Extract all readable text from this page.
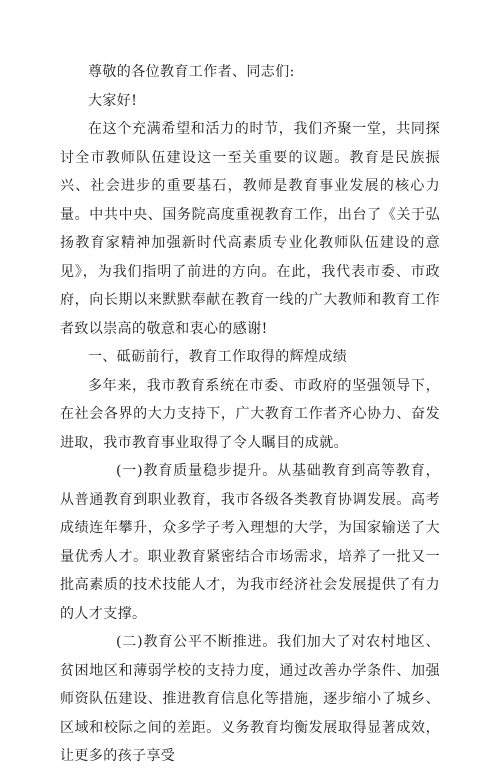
尊敬的各位教育工作者、同志们:

大家好!

在这个充满希望和活力的时节，我们齐聚一堂，共同探讨全市教师队伍建设这一至关重要的议题。教育是民族振兴、社会进步的重要基石，教师是教育事业发展的核心力量。中共中央、国务院高度重视教育工作，出台了《关于弘扬教育家精神加强新时代高素质专业化教师队伍建设的意见》，为我们指明了前进的方向。在此，我代表市委、市政府，向长期以来默默奉献在教育一线的广大教师和教育工作者致以崇高的敬意和衷心的感谢!

一、砥砺前行，教育工作取得的辉煌成绩

多年来，我市教育系统在市委、市政府的坚强领导下，在社会各界的大力支持下，广大教育工作者齐心协力、奋发进取，我市教育事业取得了令人瞩目的成就。

(一)教育质量稳步提升。从基础教育到高等教育，从普通教育到职业教育，我市各级各类教育协调发展。高考成绩连年攀升，众多学子考入理想的大学，为国家输送了大量优秀人才。职业教育紧密结合市场需求，培养了一批又一批高素质的技术技能人才，为我市经济社会发展提供了有力的人才支撑。

(二)教育公平不断推进。我们加大了对农村地区、贫困地区和薄弱学校的支持力度，通过改善办学条件、加强师资队伍建设、推进教育信息化等措施，逐步缩小了城乡、区域和校际之间的差距。义务教育均衡发展取得显著成效，让更多的孩子享受
